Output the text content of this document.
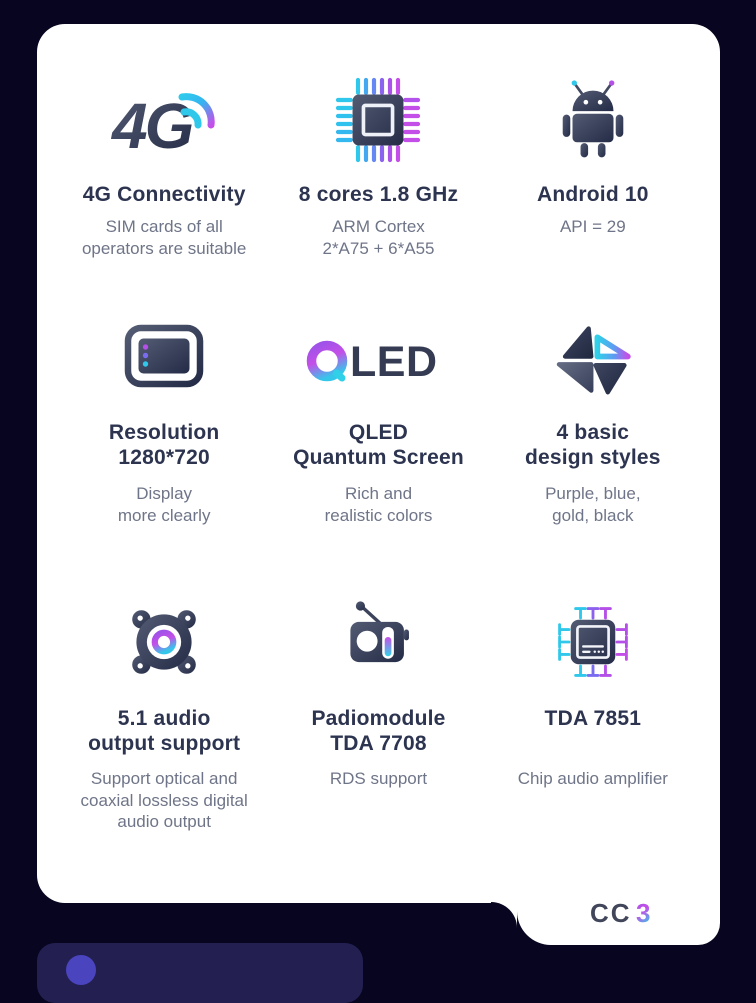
4G
4G Connectivity
SIM cards of all
operators are suitable
8 cores 1.8 GHz
ARM Cortex
2*A75 + 6*A55
Android 10
API = 29
Resolution
1280*720
Display
more clearly
LED
QLED
Quantum Screen
Rich and
realistic colors
4 basic
design styles
Purple, blue,
gold, black
5.1 audio
output support
Support optical and
coaxial lossless digital
audio output
Padiomodule
TDA 7708
RDS support
TDA 7851
Chip audio amplifier
CC 3
